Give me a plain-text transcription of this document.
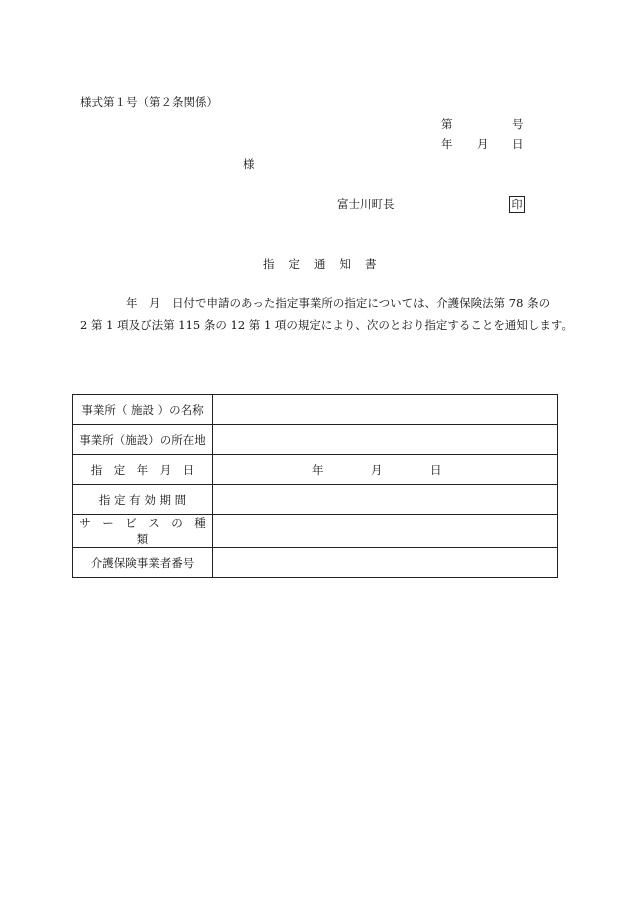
様式第１号（第２条関係）
第	号
年 月 日
様
富士川町長	印
指定通知書
年　月　日付で申請のあった指定事業所の指定については、介護保険法第 78 条の
2 第 1 項及び法第 115 条の 12 第 1 項の規定により、次のとおり指定することを通知します。
事業所（ 施設 ）の名称	
事業所（施設）の所在地	
指　定　年　月　日	年 月 日

指 定 有 効 期 間	
サ　ー　ビ　ス　の　種　類	
介護保険事業者番号	
